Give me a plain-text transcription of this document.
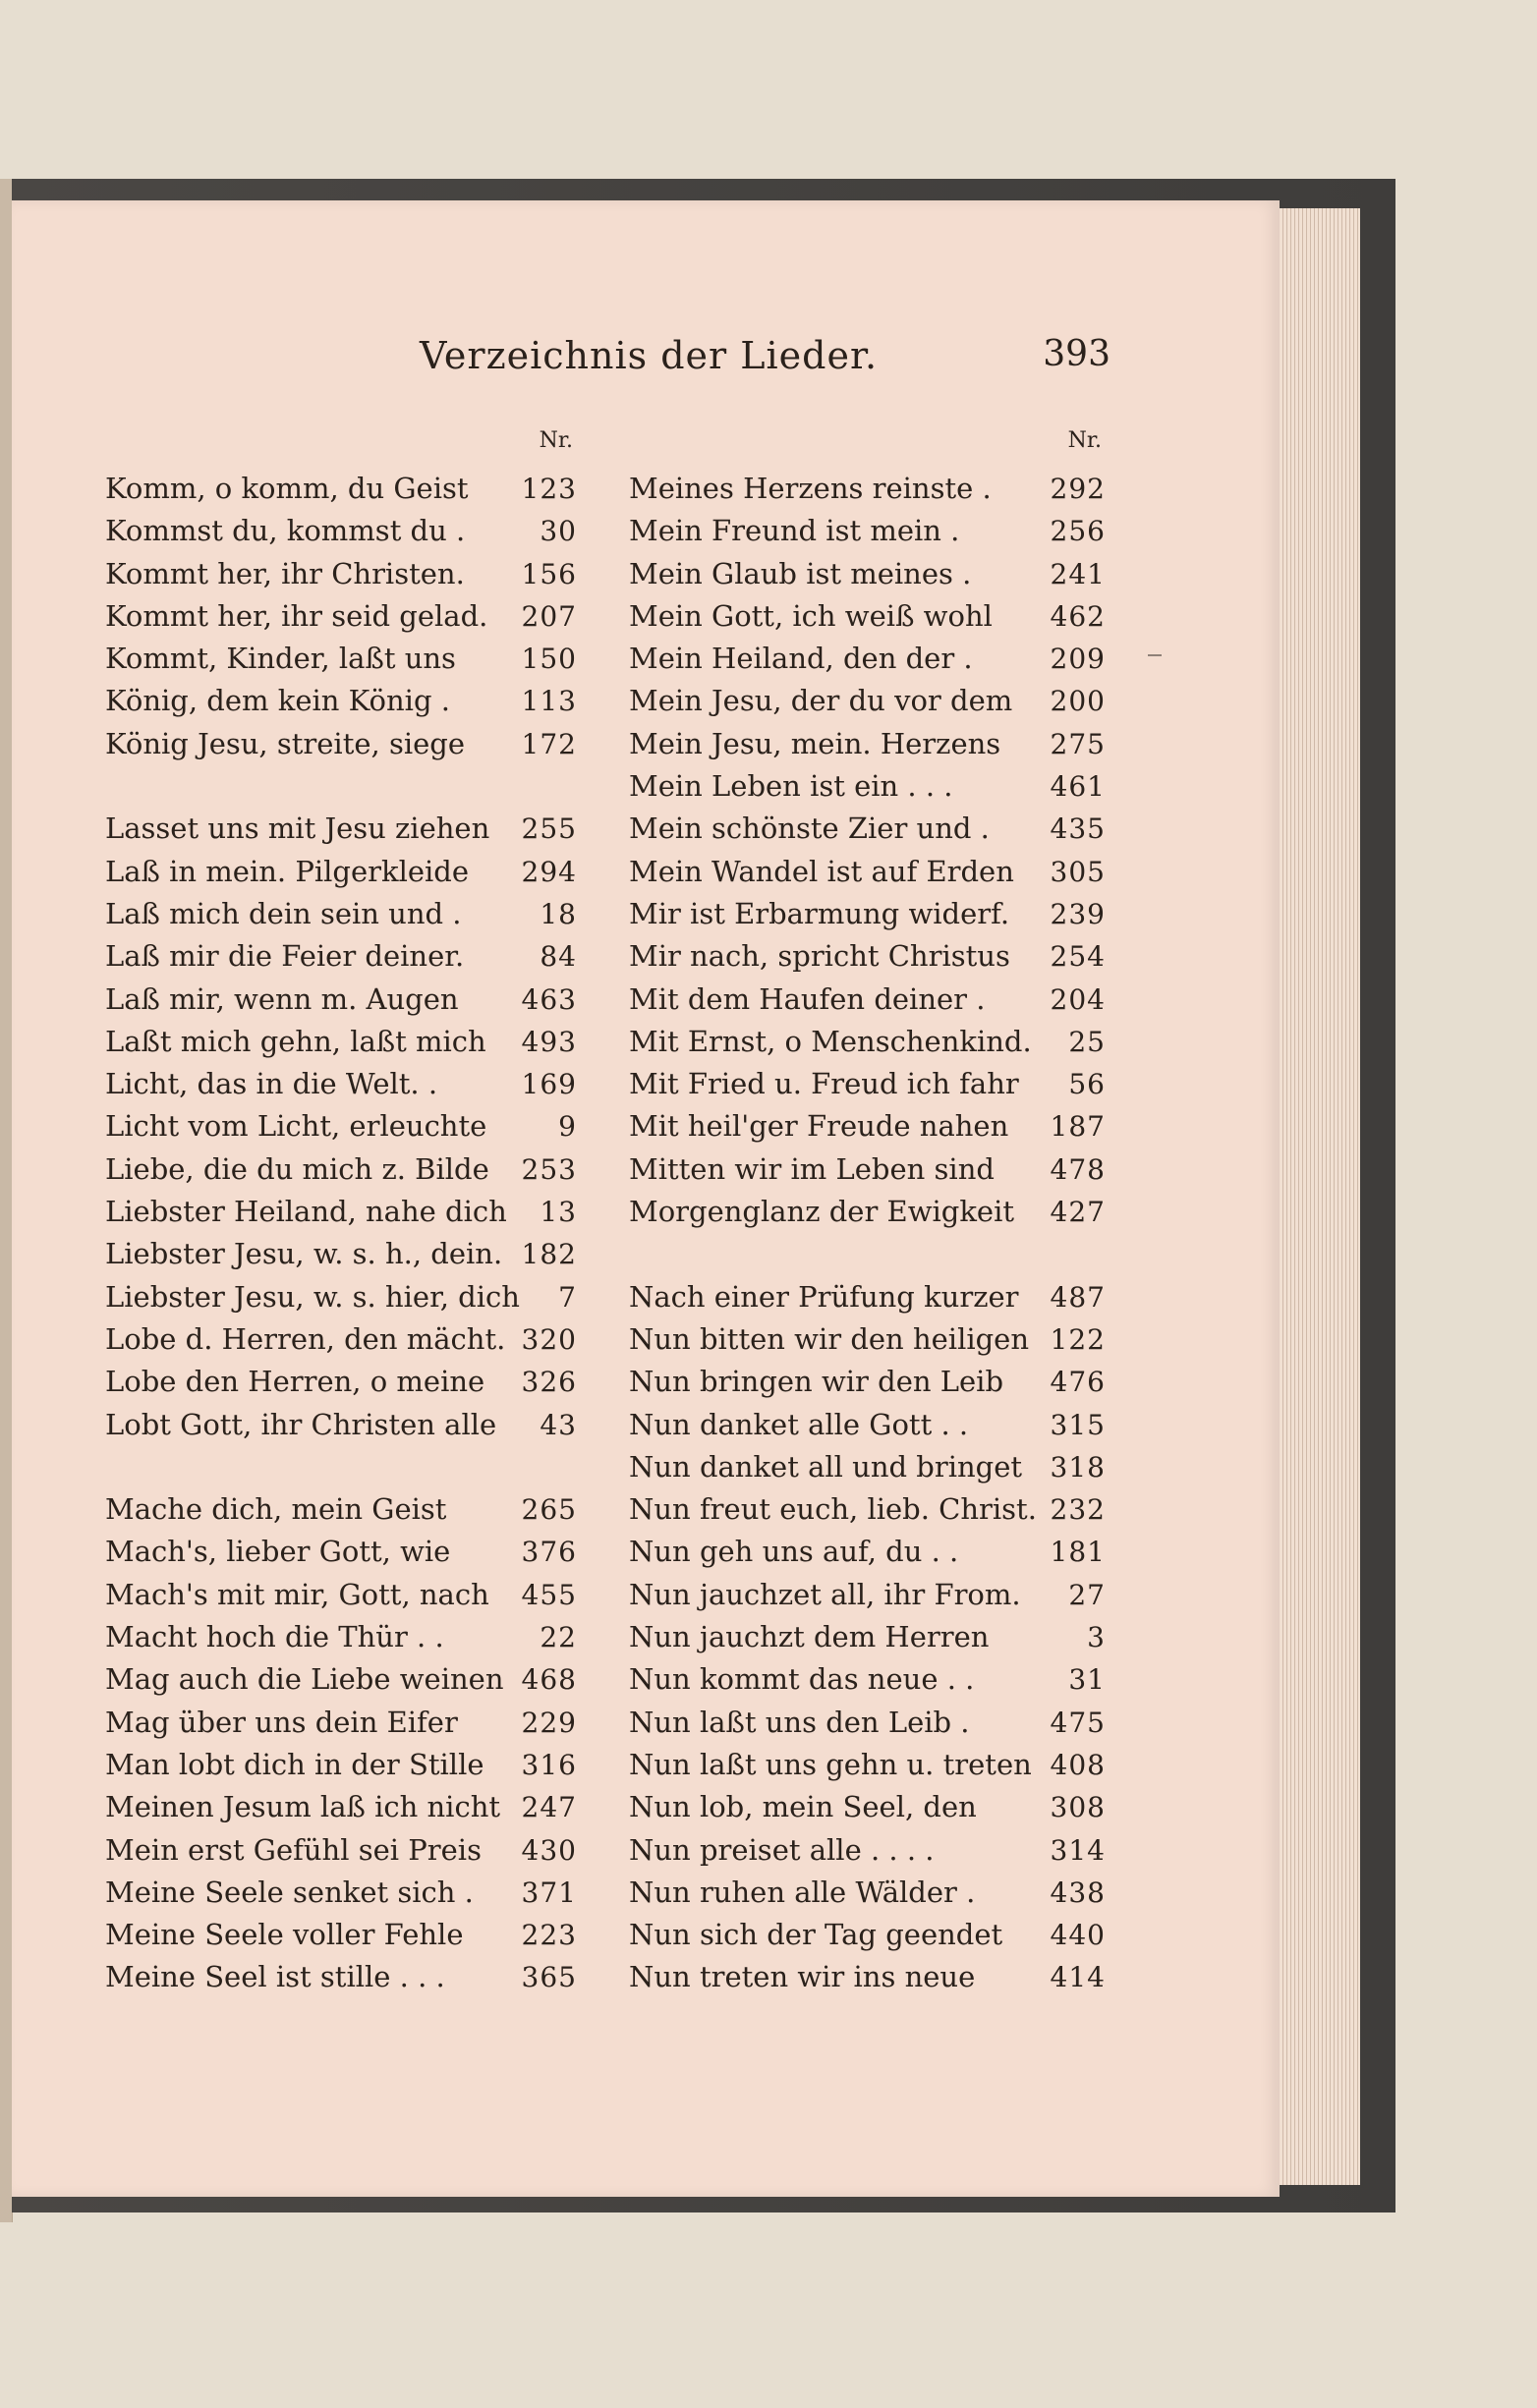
Verzeichnis der Lieder.	393
Nr.
Komm, o komm, du Geist	123
Kommst du, kommst du .	30
Kommt her, ihr Christen.	156
Kommt her, ihr seid gelad.	207
Kommt, Kinder, laßt uns	150
König, dem kein König .	113
König Jesu, streite, siege	172
Lasset uns mit Jesu ziehen	255
Laß in mein. Pilgerkleide	294
Laß mich dein sein und .	18
Laß mir die Feier deiner.	84
Laß mir, wenn m. Augen	463
Laßt mich gehn, laßt mich	493
Licht, das in die Welt. .	169
Licht vom Licht, erleuchte	9
Liebe, die du mich z. Bilde	253
Liebster Heiland, nahe dich	13
Liebster Jesu, w. s. h., dein. 182
Liebster Jesu, w. s. hier, dich	7
Lobe d. Herren, den mächt. 320
Lobe den Herren, o meine	326
Lobt Gott, ihr Christen alle	43
Mache dich, mein Geist	265
Mach's, lieber Gott, wie	376
Mach's mit mir, Gott, nach	455
Macht hoch die Thür . .	22
Mag auch die Liebe weinen 468
Mag über uns dein Eifer	229
Man lobt dich in der Stille	316
Meinen Jesum laß ich nicht 247
Mein erst Gefühl sei Preis	430
Meine Seele senket sich .	371
Meine Seele voller Fehle	223
Meine Seel ist stille . . .	365
Nr.
Meines Herzens reinste .	292
Mein Freund ist mein .	256
Mein Glaub ist meines .	241
Mein Gott, ich weiß wohl	462
Mein Heiland, den der .	209
Mein Jesu, der du vor dem	200
Mein Jesu, mein. Herzens	275
Mein Leben ist ein . . .	461
Mein schönste Zier und .	435
Mein Wandel ist auf Erden	305
Mir ist Erbarmung widerf.	239
Mir nach, spricht Christus	254
Mit dem Haufen deiner .	204
Mit Ernst, o Menschenkind.	25
Mit Fried u. Freud ich fahr	56
Mit heil'ger Freude nahen	187
Mitten wir im Leben sind	478
Morgenglanz der Ewigkeit	427
Nach einer Prüfung kurzer	487
Nun bitten wir den heiligen 122
Nun bringen wir den Leib	476
Nun danket alle Gott . .	315
Nun danket all und bringet	318
Nun freut euch, lieb. Christ. 232
Nun geh uns auf, du . .	181
Nun jauchzet all, ihr From.	27
Nun jauchzt dem Herren	3
Nun kommt das neue . .	31
Nun laßt uns den Leib .	475
Nun laßt uns gehn u. treten 408
Nun lob, mein Seel, den	308
Nun preiset alle . . . .	314
Nun ruhen alle Wälder .	438
Nun sich der Tag geendet	440
Nun treten wir ins neue	414
